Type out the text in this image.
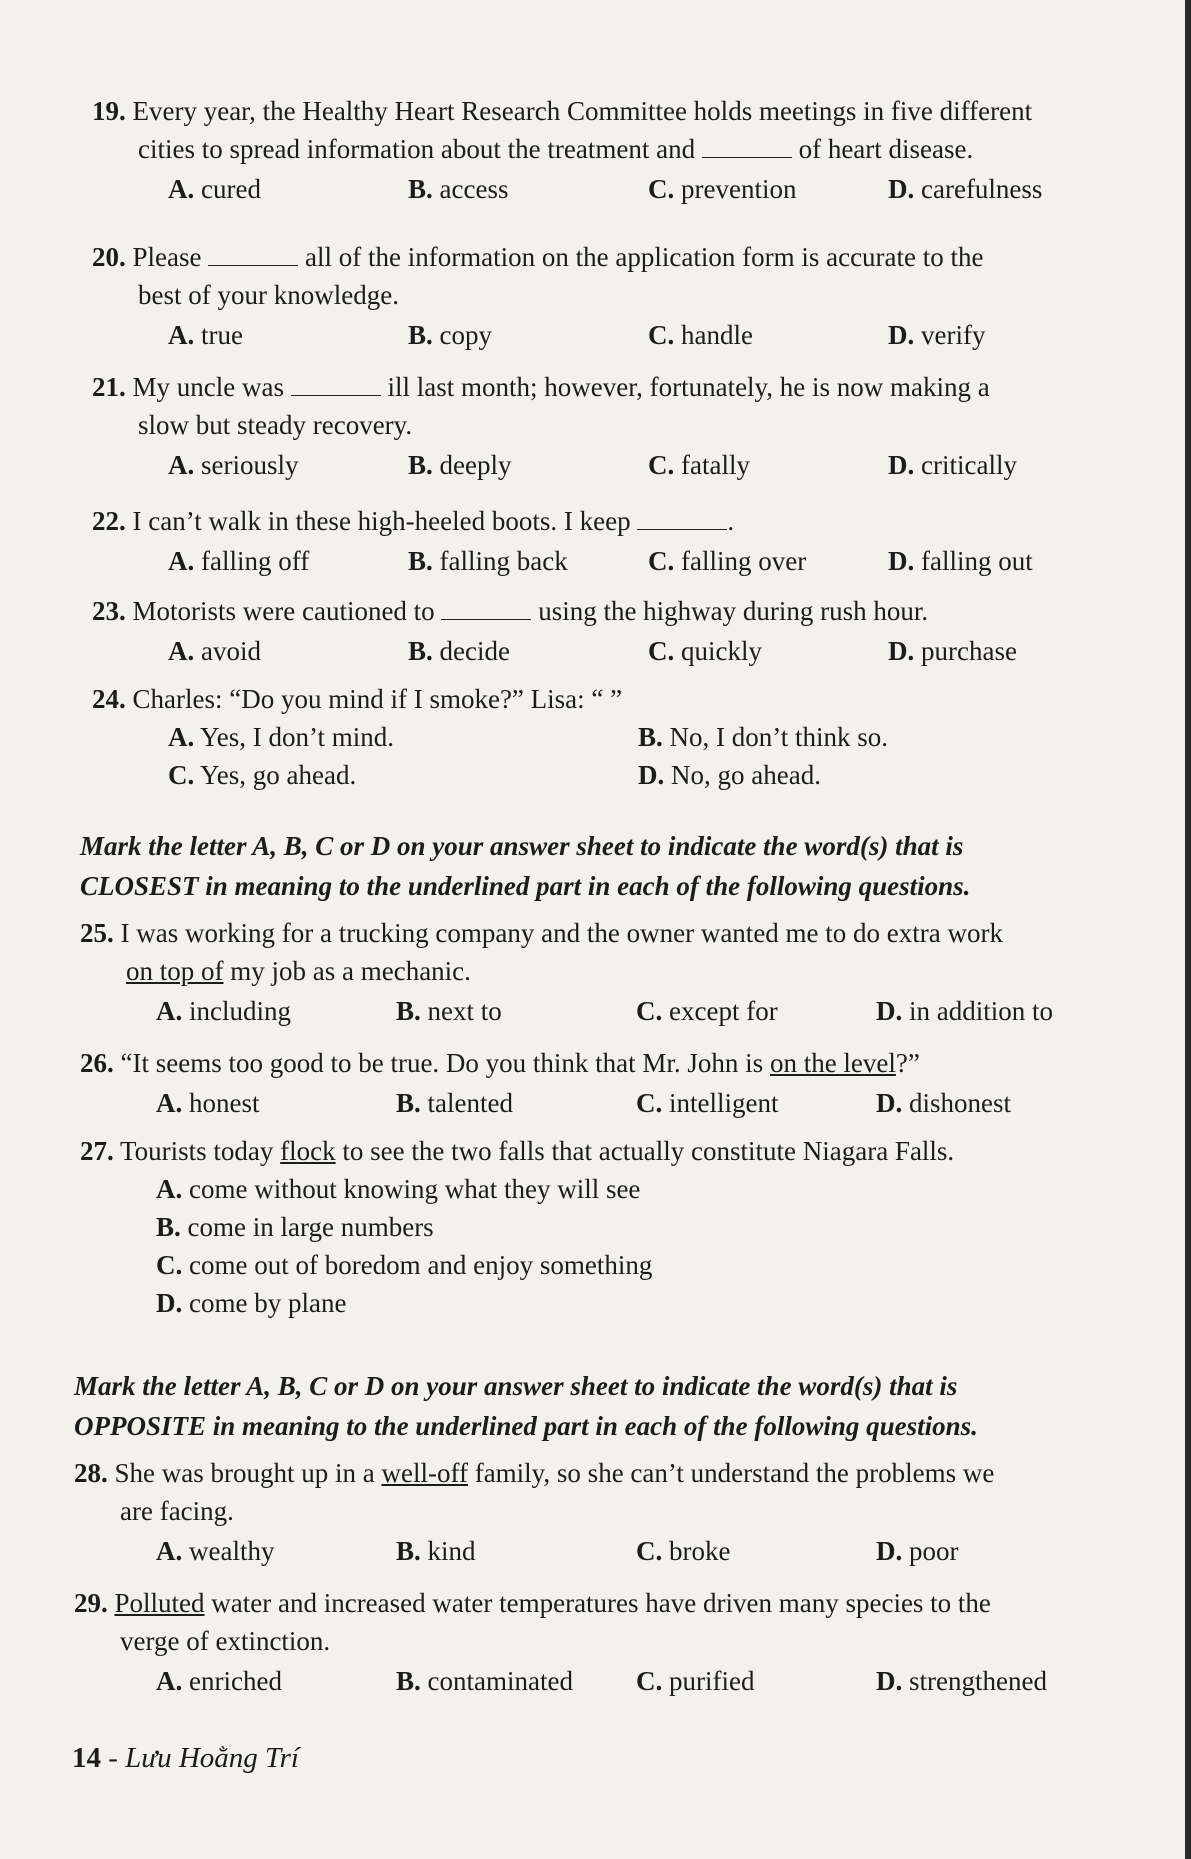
19. Every year, the Healthy Heart Research Committee holds meetings in five different
cities to spread information about the treatment and	of heart disease.
A. cured	B. access	C. prevention	D. carefulness
20. Please	all of the information on the application form is accurate to the
best of your knowledge.
A. true	B. copy	C. handle	D. verify
21. My uncle was	ill last month; however, fortunately, he is now making a
slow but steady recovery.
A. seriously	B. deeply	C. fatally	D. critically
22. I can’t walk in these high-heeled boots. I keep	.
A. falling off	B. falling back	C. falling over	D. falling out
23. Motorists were cautioned to	using the highway during rush hour.
A. avoid	B. decide	C. quickly	D. purchase
24. Charles: “Do you mind if I smoke?” Lisa: “ ”
A. Yes, I don’t mind.	B. No, I don’t think so.
C. Yes, go ahead.	D. No, go ahead.
Mark the letter A, B, C or D on your answer sheet to indicate the word(s) that is
CLOSEST in meaning to the underlined part in each of the following questions.
25. I was working for a trucking company and the owner wanted me to do extra work
on top of my job as a mechanic.
A. including	B. next to	C. except for	D. in addition to
26. “It seems too good to be true. Do you think that Mr. John is on the level?”
A. honest	B. talented	C. intelligent	D. dishonest
27. Tourists today flock to see the two falls that actually constitute Niagara Falls.
A. come without knowing what they will see
B. come in large numbers
C. come out of boredom and enjoy something
D. come by plane
Mark the letter A, B, C or D on your answer sheet to indicate the word(s) that is
OPPOSITE in meaning to the underlined part in each of the following questions.
28. She was brought up in a well-off family, so she can’t understand the problems we
are facing.
A. wealthy	B. kind	C. broke	D. poor
29. Polluted water and increased water temperatures have driven many species to the
verge of extinction.
A. enriched	B. contaminated	C. purified	D. strengthened
14 - Lưu Hoằng Trí
